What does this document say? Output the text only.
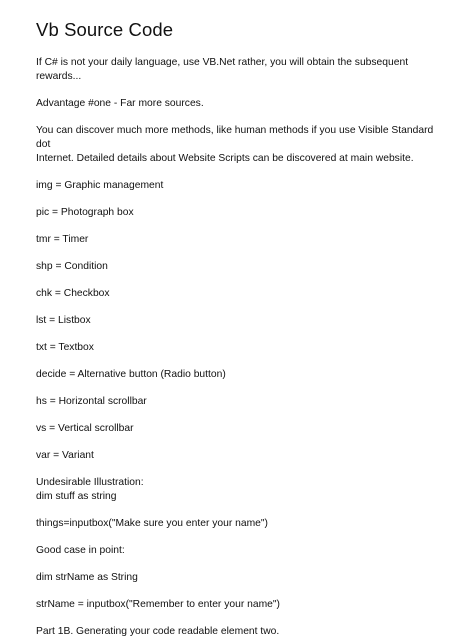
Vb Source Code

If C# is not your daily language, use VB.Net rather, you will obtain the subsequent rewards...

Advantage #one - Far more sources.

You can discover much more methods, like human methods if you use Visible Standard dot
Internet. Detailed details about Website Scripts can be discovered at main website.

img = Graphic management

pic = Photograph box

tmr = Timer

shp = Condition

chk = Checkbox

lst = Listbox

txt = Textbox

decide = Alternative button (Radio button)

hs = Horizontal scrollbar

vs = Vertical scrollbar

var = Variant

Undesirable Illustration:
dim stuff as string

things=inputbox("Make sure you enter your name")

Good case in point:

dim strName as String

strName = inputbox("Remember to enter your name")

Part 1B. Generating your code readable element two.
